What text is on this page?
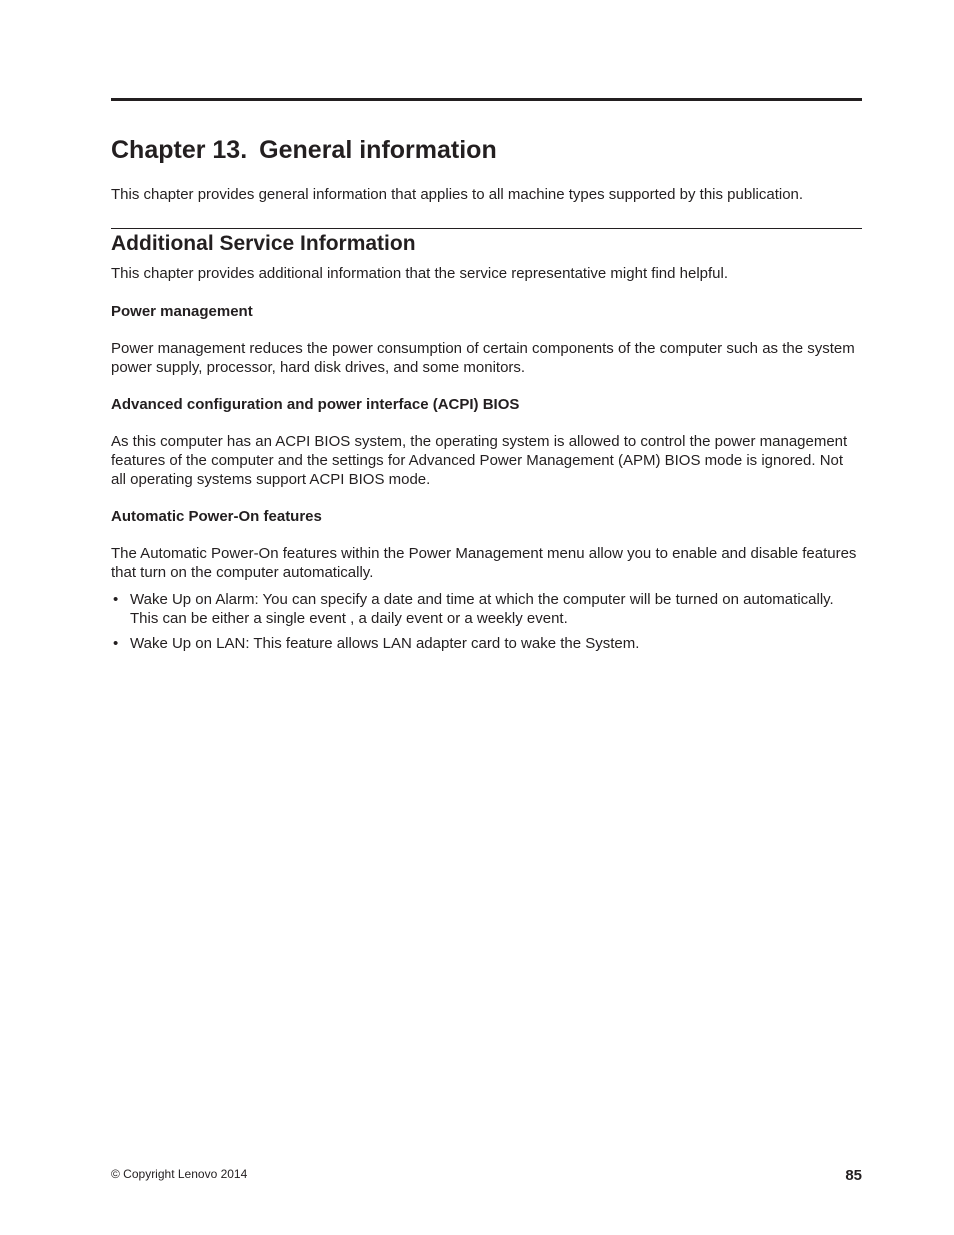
Chapter 13. General information

This chapter provides general information that applies to all machine types supported by this publication.

Additional Service Information

This chapter provides additional information that the service representative might find helpful.

Power management

Power management reduces the power consumption of certain components of the computer such as the system power supply, processor, hard disk drives, and some monitors.

Advanced configuration and power interface (ACPI) BIOS

As this computer has an ACPI BIOS system, the operating system is allowed to control the power management features of the computer and the settings for Advanced Power Management (APM) BIOS mode is ignored. Not all operating systems support ACPI BIOS mode.

Automatic Power-On features

The Automatic Power-On features within the Power Management menu allow you to enable and disable features that turn on the computer automatically.

• Wake Up on Alarm: You can specify a date and time at which the computer will be turned on automatically. This can be either a single event , a daily event or a weekly event.
• Wake Up on LAN: This feature allows LAN adapter card to wake the System.
© Copyright Lenovo 2014	85
